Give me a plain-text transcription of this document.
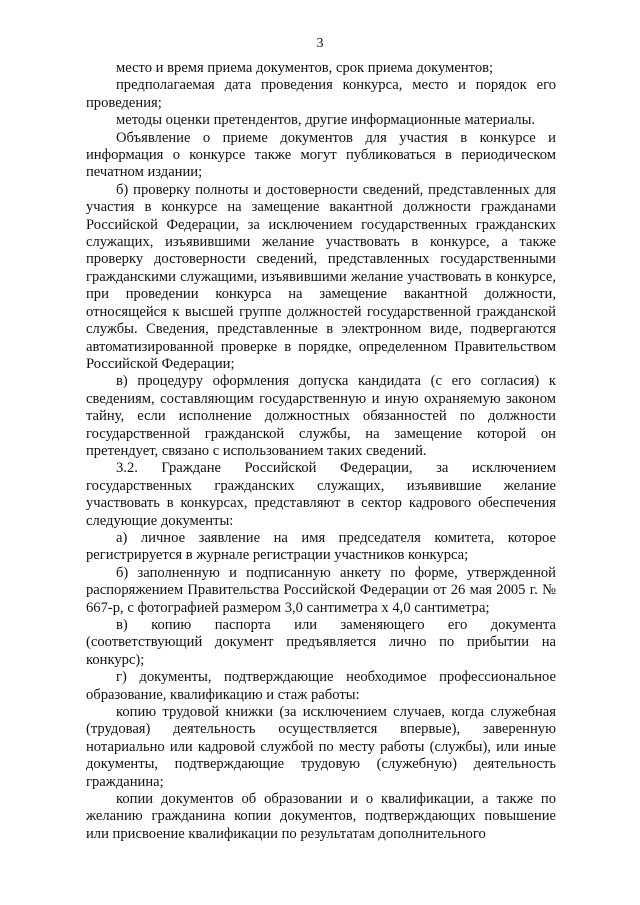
3

место и время приема документов, срок приема документов;

предполагаемая дата проведения конкурса, место и порядок его проведения;

методы оценки претендентов, другие информационные материалы.

Объявление о приеме документов для участия в конкурсе и информация о конкурсе также могут публиковаться в периодическом печатном издании;

б) проверку полноты и достоверности сведений, представленных для участия в конкурсе на замещение вакантной должности гражданами Российской Федерации, за исключением государственных гражданских служащих, изъявившими желание участвовать в конкурсе, а также проверку достоверности сведений, представленных государственными гражданскими служащими, изъявившими желание участвовать в конкурсе, при проведении конкурса на замещение вакантной должности, относящейся к высшей группе должностей государственной гражданской службы. Сведения, представленные в электронном виде, подвергаются автоматизированной проверке в порядке, определенном Правительством Российской Федерации;

в) процедуру оформления допуска кандидата (с его согласия) к сведениям, составляющим государственную и иную охраняемую законом тайну, если исполнение должностных обязанностей по должности государственной гражданской службы, на замещение которой он претендует, связано с использованием таких сведений.

3.2. Граждане Российской Федерации, за исключением государственных гражданских служащих, изъявившие желание участвовать в конкурсах, представляют в сектор кадрового обеспечения следующие документы:

а) личное заявление на имя председателя комитета, которое регистрируется в журнале регистрации участников конкурса;

б) заполненную и подписанную анкету по форме, утвержденной распоряжением Правительства Российской Федерации от 26 мая 2005 г. № 667-р, с фотографией размером 3,0 сантиметра х 4,0 сантиметра;

в) копию паспорта или заменяющего его документа (соответствующий документ предъявляется лично по прибытии на конкурс);

г) документы, подтверждающие необходимое профессиональное образование, квалификацию и стаж работы:

копию трудовой книжки (за исключением случаев, когда служебная (трудовая) деятельность осуществляется впервые), заверенную нотариально или кадровой службой по месту работы (службы), или иные документы, подтверждающие трудовую (служебную) деятельность гражданина;

копии документов об образовании и о квалификации, а также по желанию гражданина копии документов, подтверждающих повышение или присвоение квалификации по результатам дополнительного
